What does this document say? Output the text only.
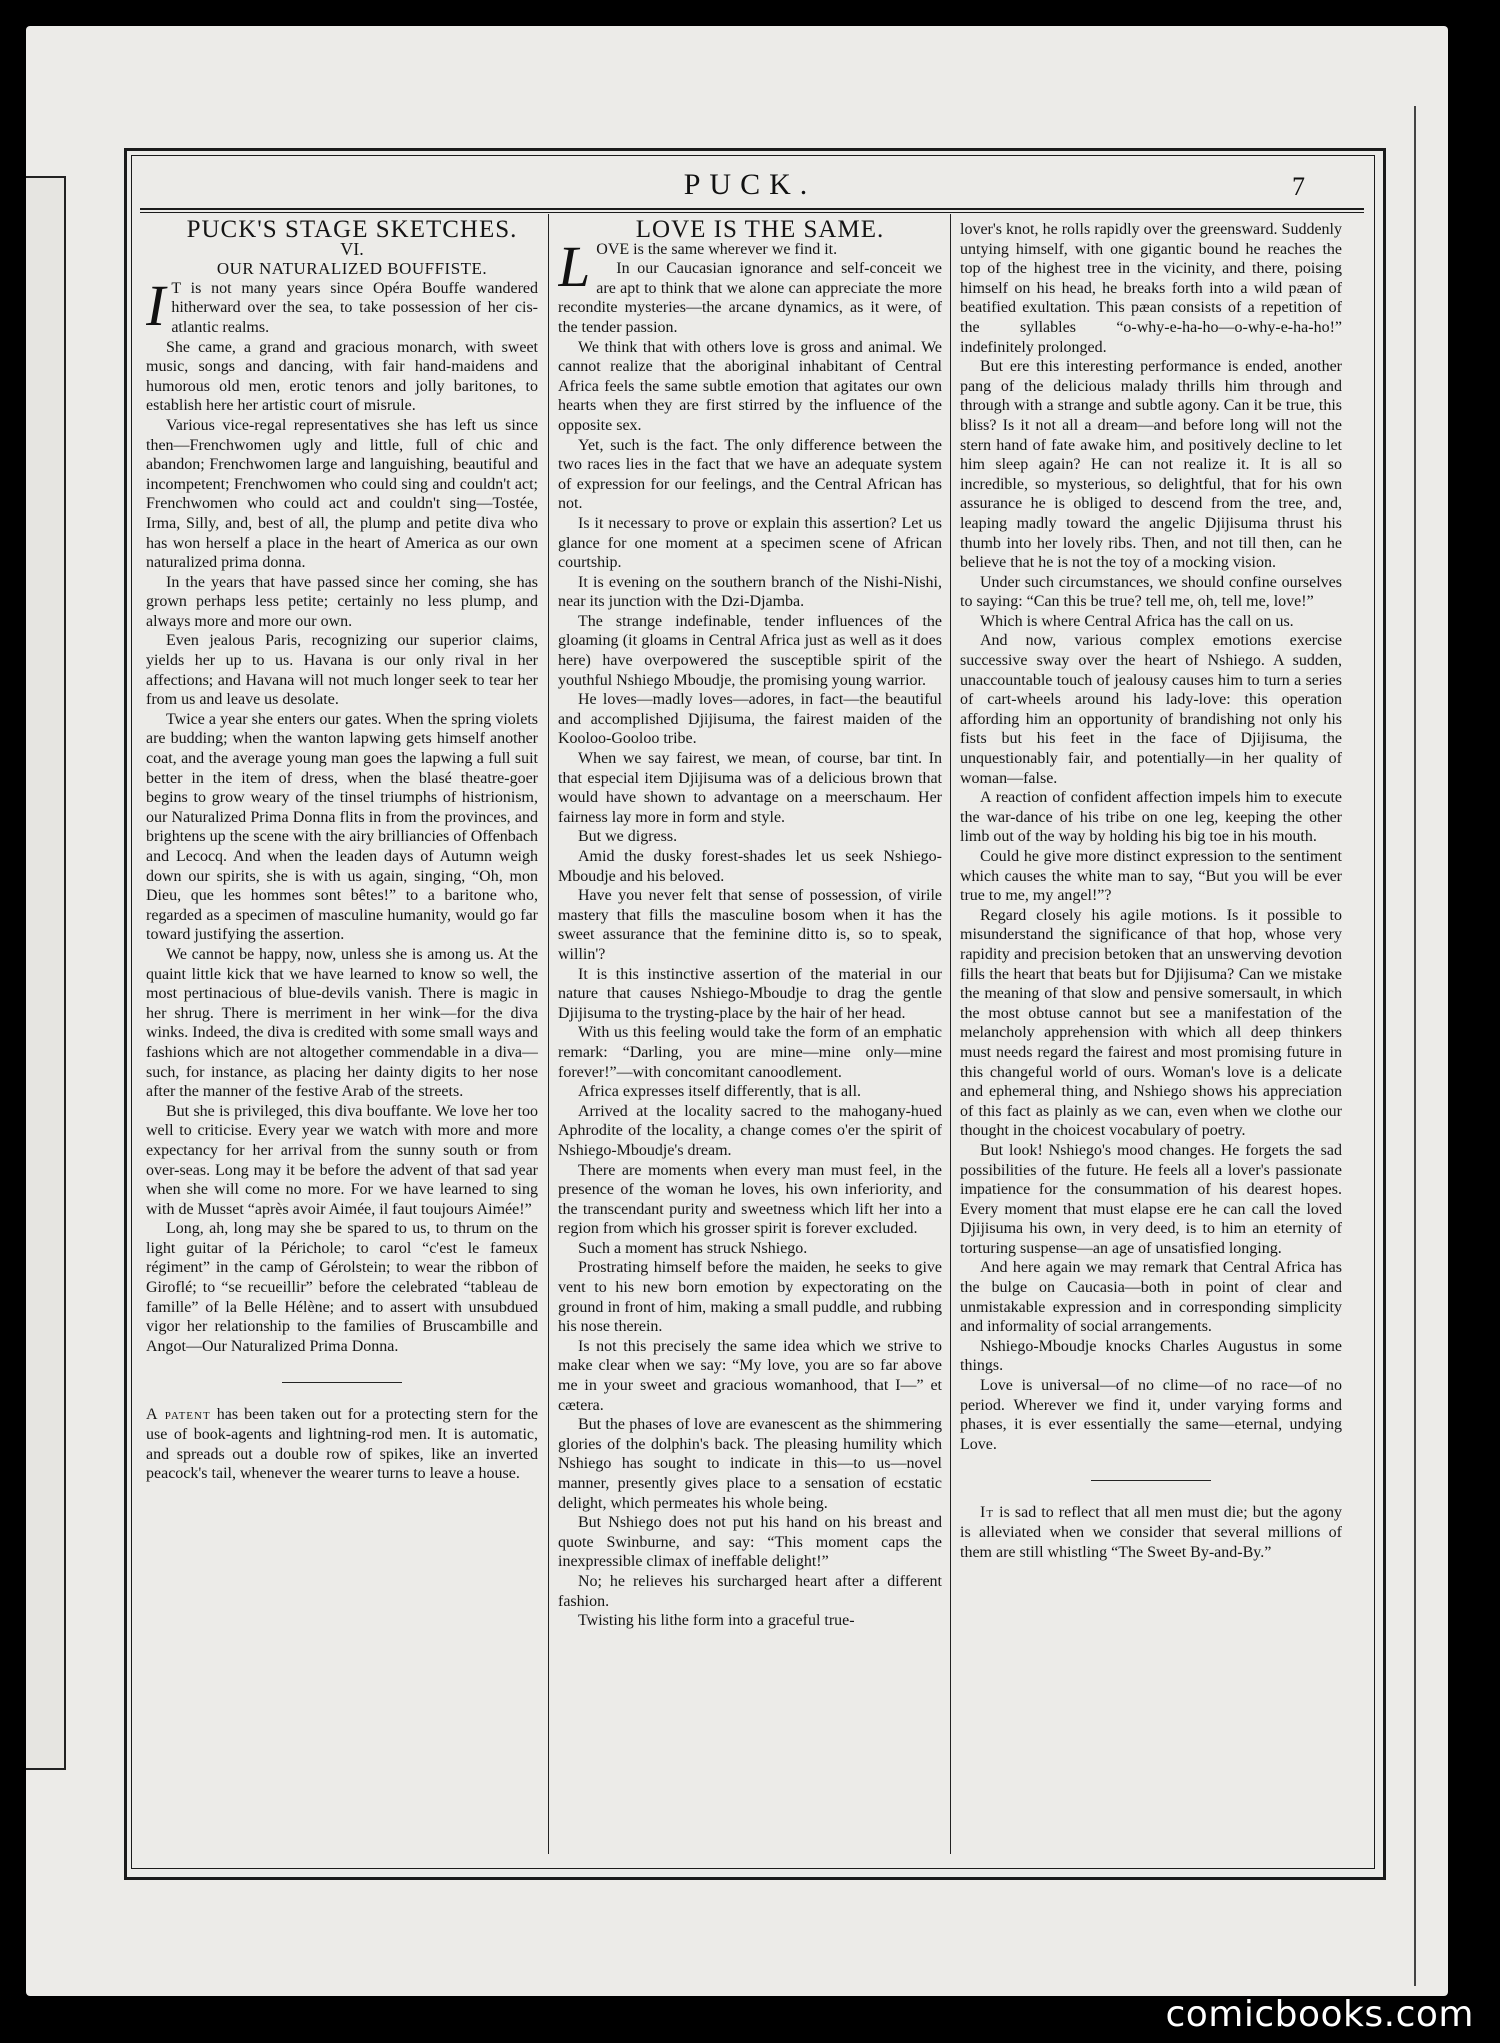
PUCK.	7

PUCK'S STAGE SKETCHES.

VI.

OUR NATURALIZED BOUFFISTE.

I T is not many years since Opéra Bouffe wandered hitherward over the sea, to take possession of her cis-atlantic realms.

She came, a grand and gracious monarch, with sweet music, songs and dancing, with fair hand-maidens and humorous old men, erotic tenors and jolly baritones, to establish here her artistic court of misrule.

Various vice-regal representatives she has left us since then—Frenchwomen ugly and little, full of chic and abandon; Frenchwomen large and languishing, beautiful and incompetent; Frenchwomen who could sing and couldn't act; Frenchwomen who could act and couldn't sing—Tostée, Irma, Silly, and, best of all, the plump and petite diva who has won herself a place in the heart of America as our own naturalized prima donna.

In the years that have passed since her coming, she has grown perhaps less petite; certainly no less plump, and always more and more our own.

Even jealous Paris, recognizing our superior claims, yields her up to us. Havana is our only rival in her affections; and Havana will not much longer seek to tear her from us and leave us desolate.

Twice a year she enters our gates. When the spring violets are budding; when the wanton lapwing gets himself another coat, and the average young man goes the lapwing a full suit better in the item of dress, when the blasé theatre-goer begins to grow weary of the tinsel triumphs of histrionism, our Naturalized Prima Donna flits in from the provinces, and brightens up the scene with the airy brilliancies of Offenbach and Lecocq. And when the leaden days of Autumn weigh down our spirits, she is with us again, singing, “Oh, mon Dieu, que les hommes sont bêtes!” to a baritone who, regarded as a specimen of masculine humanity, would go far toward justifying the assertion.

We cannot be happy, now, unless she is among us. At the quaint little kick that we have learned to know so well, the most pertinacious of blue-devils vanish. There is magic in her shrug. There is merriment in her wink—for the diva winks. Indeed, the diva is credited with some small ways and fashions which are not altogether commendable in a diva—such, for instance, as placing her dainty digits to her nose after the manner of the festive Arab of the streets.

But she is privileged, this diva bouffante. We love her too well to criticise. Every year we watch with more and more expectancy for her arrival from the sunny south or from over-seas. Long may it be before the advent of that sad year when she will come no more. For we have learned to sing with de Musset “après avoir Aimée, il faut toujours Aimée!”

Long, ah, long may she be spared to us, to thrum on the light guitar of la Périchole; to carol “c'est le fameux régiment” in the camp of Gérolstein; to wear the ribbon of Giroflé; to “se recueillir” before the celebrated “tableau de famille” of la Belle Hélène; and to assert with unsubdued vigor her relationship to the families of Bruscambille and Angot—Our Naturalized Prima Donna.

A patent has been taken out for a protecting stern for the use of book-agents and lightning-rod men. It is automatic, and spreads out a double row of spikes, like an inverted peacock's tail, whenever the wearer turns to leave a house.

LOVE IS THE SAME.

LOVE is the same wherever we find it.

In our Caucasian ignorance and self-conceit we are apt to think that we alone can appreciate the more recondite mysteries—the arcane dynamics, as it were, of the tender passion.

We think that with others love is gross and animal. We cannot realize that the aboriginal inhabitant of Central Africa feels the same subtle emotion that agitates our own hearts when they are first stirred by the influence of the opposite sex.

Yet, such is the fact. The only difference between the two races lies in the fact that we have an adequate system of expression for our feelings, and the Central African has not.

Is it necessary to prove or explain this assertion? Let us glance for one moment at a specimen scene of African courtship.

It is evening on the southern branch of the Nishi-Nishi, near its junction with the Dzi-Djamba.

The strange indefinable, tender influences of the gloaming (it gloams in Central Africa just as well as it does here) have overpowered the susceptible spirit of the youthful Nshiego Mboudje, the promising young warrior.

He loves—madly loves—adores, in fact—the beautiful and accomplished Djijisuma, the fairest maiden of the Kooloo-Gooloo tribe.

When we say fairest, we mean, of course, bar tint. In that especial item Djijisuma was of a delicious brown that would have shown to advantage on a meerschaum. Her fairness lay more in form and style.

But we digress.

Amid the dusky forest-shades let us seek Nshiego-Mboudje and his beloved.

Have you never felt that sense of possession, of virile mastery that fills the masculine bosom when it has the sweet assurance that the feminine ditto is, so to speak, willin'?

It is this instinctive assertion of the material in our nature that causes Nshiego-Mboudje to drag the gentle Djijisuma to the trysting-place by the hair of her head.

With us this feeling would take the form of an emphatic remark: “Darling, you are mine—mine only—mine forever!”—with concomitant canoodlement.

Africa expresses itself differently, that is all.

Arrived at the locality sacred to the mahogany-hued Aphrodite of the locality, a change comes o'er the spirit of Nshiego-Mboudje's dream.

There are moments when every man must feel, in the presence of the woman he loves, his own inferiority, and the transcendant purity and sweetness which lift her into a region from which his grosser spirit is forever excluded.

Such a moment has struck Nshiego.

Prostrating himself before the maiden, he seeks to give vent to his new born emotion by expectorating on the ground in front of him, making a small puddle, and rubbing his nose therein.

Is not this precisely the same idea which we strive to make clear when we say: “My love, you are so far above me in your sweet and gracious womanhood, that I—” et cætera.

But the phases of love are evanescent as the shimmering glories of the dolphin's back. The pleasing humility which Nshiego has sought to indicate in this—to us—novel manner, presently gives place to a sensation of ecstatic delight, which permeates his whole being.

But Nshiego does not put his hand on his breast and quote Swinburne, and say: “This moment caps the inexpressible climax of ineffable delight!”

No; he relieves his surcharged heart after a different fashion.

Twisting his lithe form into a graceful true-

lover's knot, he rolls rapidly over the greensward. Suddenly untying himself, with one gigantic bound he reaches the top of the highest tree in the vicinity, and there, poising himself on his head, he breaks forth into a wild pæan of beatified exultation. This pæan consists of a repetition of the syllables “o-why-e-ha-ho—o-why-e-ha-ho!” indefinitely prolonged.

But ere this interesting performance is ended, another pang of the delicious malady thrills him through and through with a strange and subtle agony. Can it be true, this bliss? Is it not all a dream—and before long will not the stern hand of fate awake him, and positively decline to let him sleep again? He can not realize it. It is all so incredible, so mysterious, so delightful, that for his own assurance he is obliged to descend from the tree, and, leaping madly toward the angelic Djijisuma thrust his thumb into her lovely ribs. Then, and not till then, can he believe that he is not the toy of a mocking vision.

Under such circumstances, we should confine ourselves to saying: “Can this be true? tell me, oh, tell me, love!”

Which is where Central Africa has the call on us.

And now, various complex emotions exercise successive sway over the heart of Nshiego. A sudden, unaccountable touch of jealousy causes him to turn a series of cart-wheels around his lady-love: this operation affording him an opportunity of brandishing not only his fists but his feet in the face of Djijisuma, the unquestionably fair, and potentially—in her quality of woman—false.

A reaction of confident affection impels him to execute the war-dance of his tribe on one leg, keeping the other limb out of the way by holding his big toe in his mouth.

Could he give more distinct expression to the sentiment which causes the white man to say, “But you will be ever true to me, my angel!”?

Regard closely his agile motions. Is it possible to misunderstand the significance of that hop, whose very rapidity and precision betoken that an unswerving devotion fills the heart that beats but for Djijisuma? Can we mistake the meaning of that slow and pensive somersault, in which the most obtuse cannot but see a manifestation of the melancholy apprehension with which all deep thinkers must needs regard the fairest and most promising future in this changeful world of ours. Woman's love is a delicate and ephemeral thing, and Nshiego shows his appreciation of this fact as plainly as we can, even when we clothe our thought in the choicest vocabulary of poetry.

But look! Nshiego's mood changes. He forgets the sad possibilities of the future. He feels all a lover's passionate impatience for the consummation of his dearest hopes. Every moment that must elapse ere he can call the loved Djijisuma his own, in very deed, is to him an eternity of torturing suspense—an age of unsatisfied longing.

And here again we may remark that Central Africa has the bulge on Caucasia—both in point of clear and unmistakable expression and in corresponding simplicity and informality of social arrangements.

Nshiego-Mboudje knocks Charles Augustus in some things.

Love is universal—of no clime—of no race—of no period. Wherever we find it, under varying forms and phases, it is ever essentially the same—eternal, undying Love.

It is sad to reflect that all men must die; but the agony is alleviated when we consider that several millions of them are still whistling “The Sweet By-and-By.”

comicbooks.com
